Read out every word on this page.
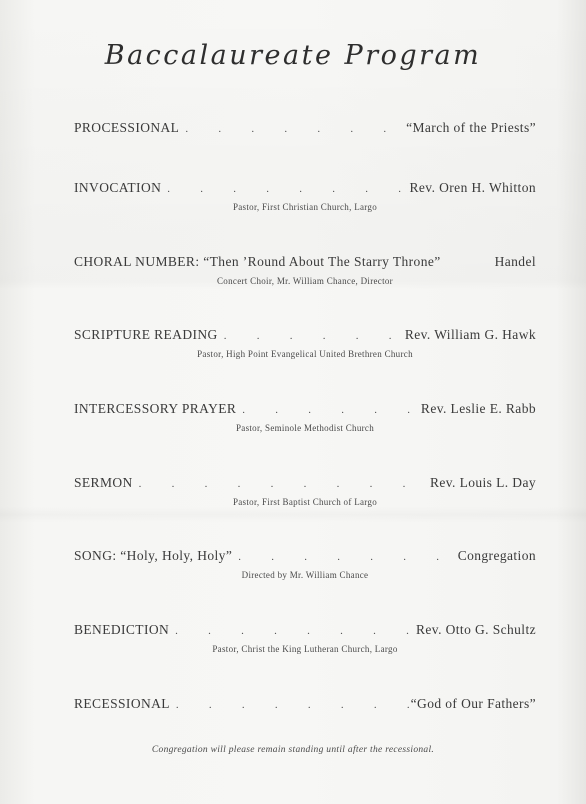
Baccalaureate Program
PROCESSIONAL .	“March of the Priests”
INVOCATION .	Rev. Oren H. Whitton
Pastor, First Christian Church, Largo
CHORAL NUMBER: “Then ’Round About The Starry Throne”	Handel
Concert Choir, Mr. William Chance, Director
SCRIPTURE READING .	Rev. William G. Hawk
Pastor, High Point Evangelical United Brethren Church
INTERCESSORY PRAYER .	Rev. Leslie E. Rabb
Pastor, Seminole Methodist Church
SERMON .	Rev. Louis L. Day
Pastor, First Baptist Church of Largo
SONG: “Holy, Holy, Holy” .	Congregation
Directed by Mr. William Chance
BENEDICTION .	Rev. Otto G. Schultz
Pastor, Christ the King Lutheran Church, Largo
RECESSIONAL .	“God of Our Fathers”
Congregation will please remain standing until after the recessional.
